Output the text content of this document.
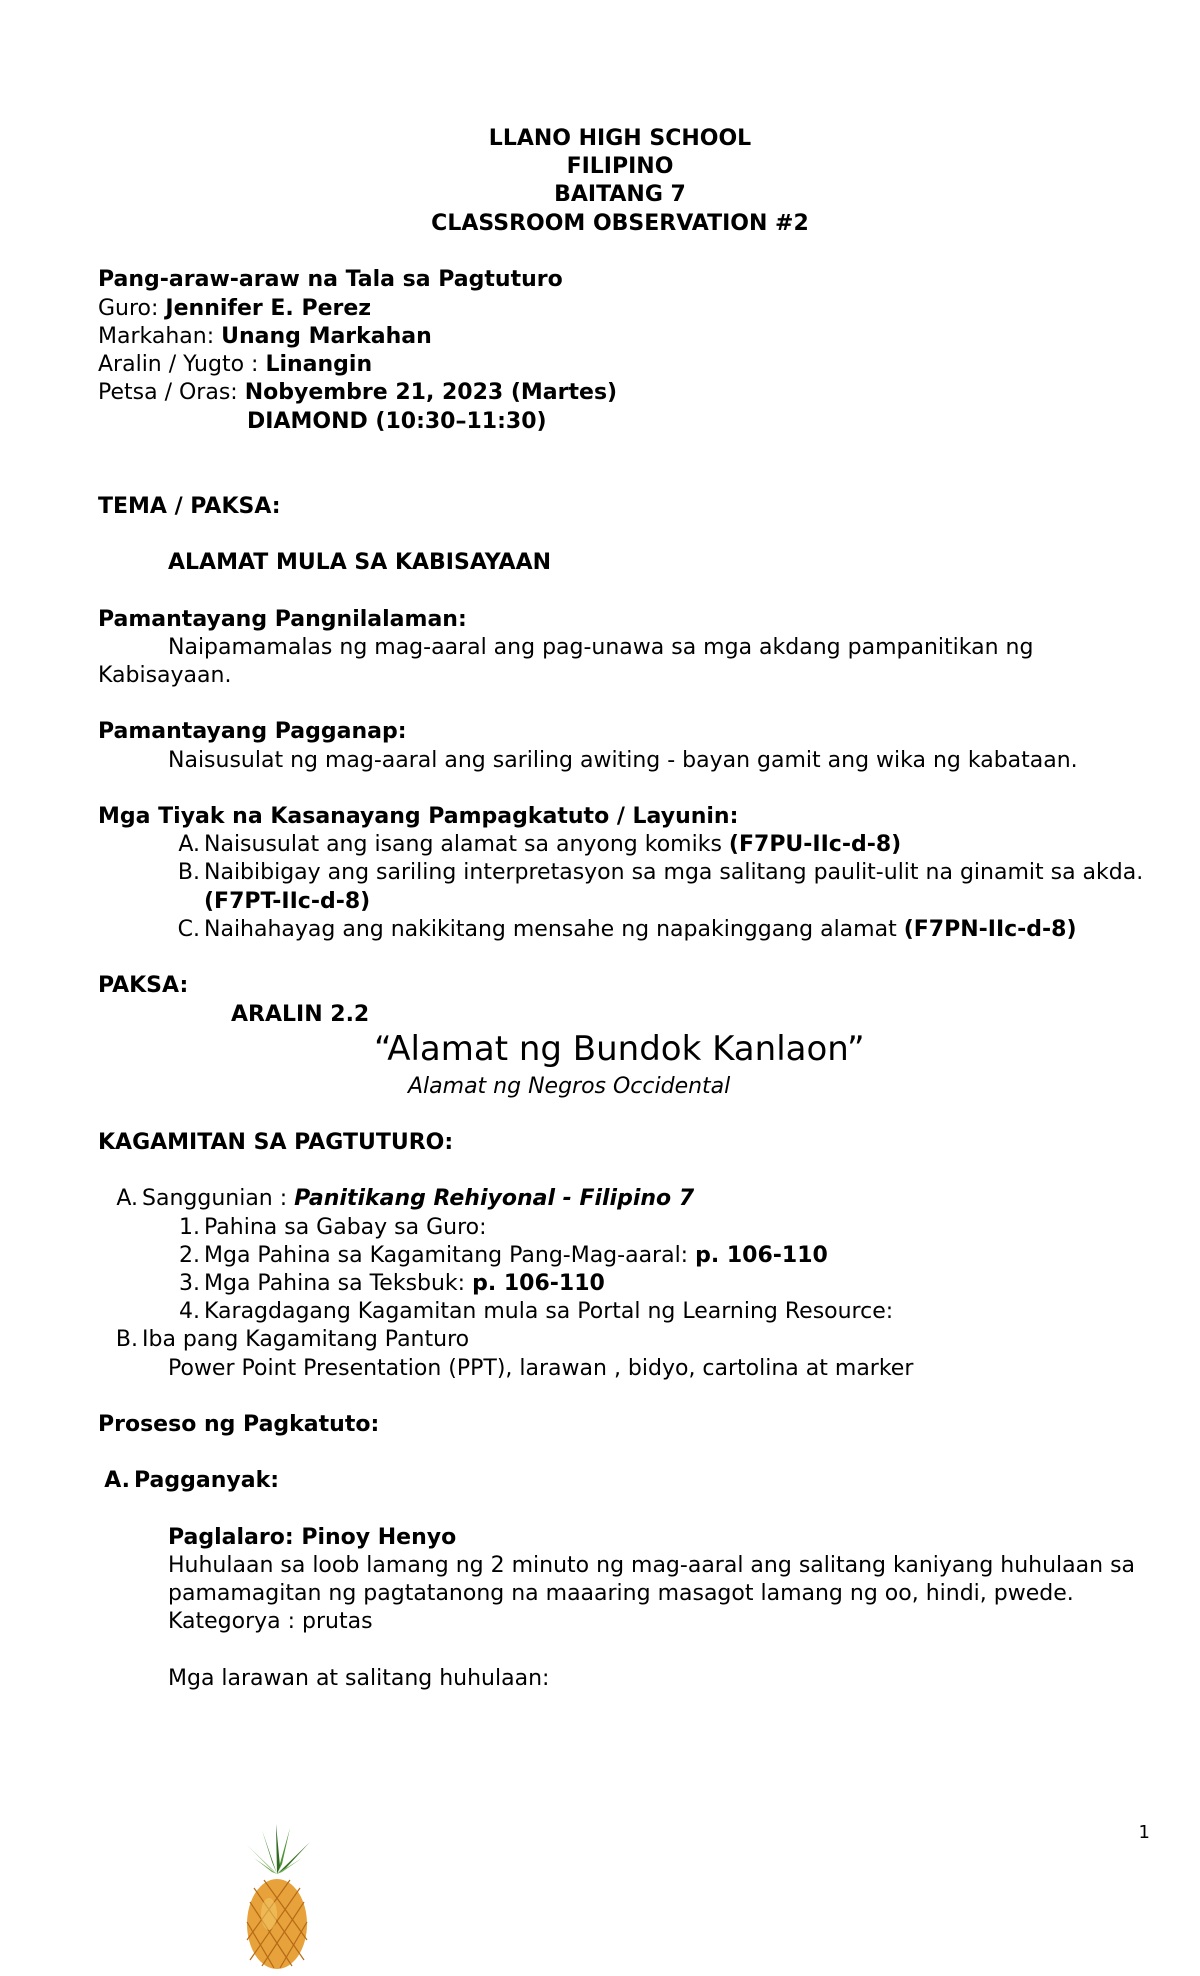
LLANO HIGH SCHOOL
FILIPINO
BAITANG 7
CLASSROOM OBSERVATION #2
Pang-araw-araw na Tala sa Pagtuturo
Guro: Jennifer E. Perez
Markahan: Unang Markahan
Aralin / Yugto : Linangin
Petsa / Oras: Nobyembre 21, 2023 (Martes)
DIAMOND (10:30–11:30)
TEMA / PAKSA:
ALAMAT MULA SA KABISAYAAN
Pamantayang Pangnilalaman:
Naipamamalas ng mag-aaral ang pag-unawa sa mga akdang pampanitikan ng
Kabisayaan.
Pamantayang Pagganap:
Naisusulat ng mag-aaral ang sariling awiting - bayan gamit ang wika ng kabataan.
Mga Tiyak na Kasanayang Pampagkatuto / Layunin:
A. Naisusulat ang isang alamat sa anyong komiks (F7PU-IIc-d-8)
B. Naibibigay ang sariling interpretasyon sa mga salitang paulit-ulit na ginamit sa akda.
(F7PT-IIc-d-8)
C. Naihahayag ang nakikitang mensahe ng napakinggang alamat (F7PN-IIc-d-8)
PAKSA:
ARALIN 2.2
“Alamat ng Bundok Kanlaon”
Alamat ng Negros Occidental
KAGAMITAN SA PAGTUTURO:
A. Sanggunian : Panitikang Rehiyonal - Filipino 7
1. Pahina sa Gabay sa Guro:
2. Mga Pahina sa Kagamitang Pang-Mag-aaral: p. 106-110
3. Mga Pahina sa Teksbuk: p. 106-110
4. Karagdagang Kagamitan mula sa Portal ng Learning Resource:
B. Iba pang Kagamitang Panturo
Power Point Presentation (PPT), larawan , bidyo, cartolina at marker
Proseso ng Pagkatuto:
A. Pagganyak:
Paglalaro: Pinoy Henyo
Huhulaan sa loob lamang ng 2 minuto ng mag-aaral ang salitang kaniyang huhulaan sa
pamamagitan ng pagtatanong na maaaring masagot lamang ng oo, hindi, pwede.
Kategorya : prutas
Mga larawan at salitang huhulaan:
1
